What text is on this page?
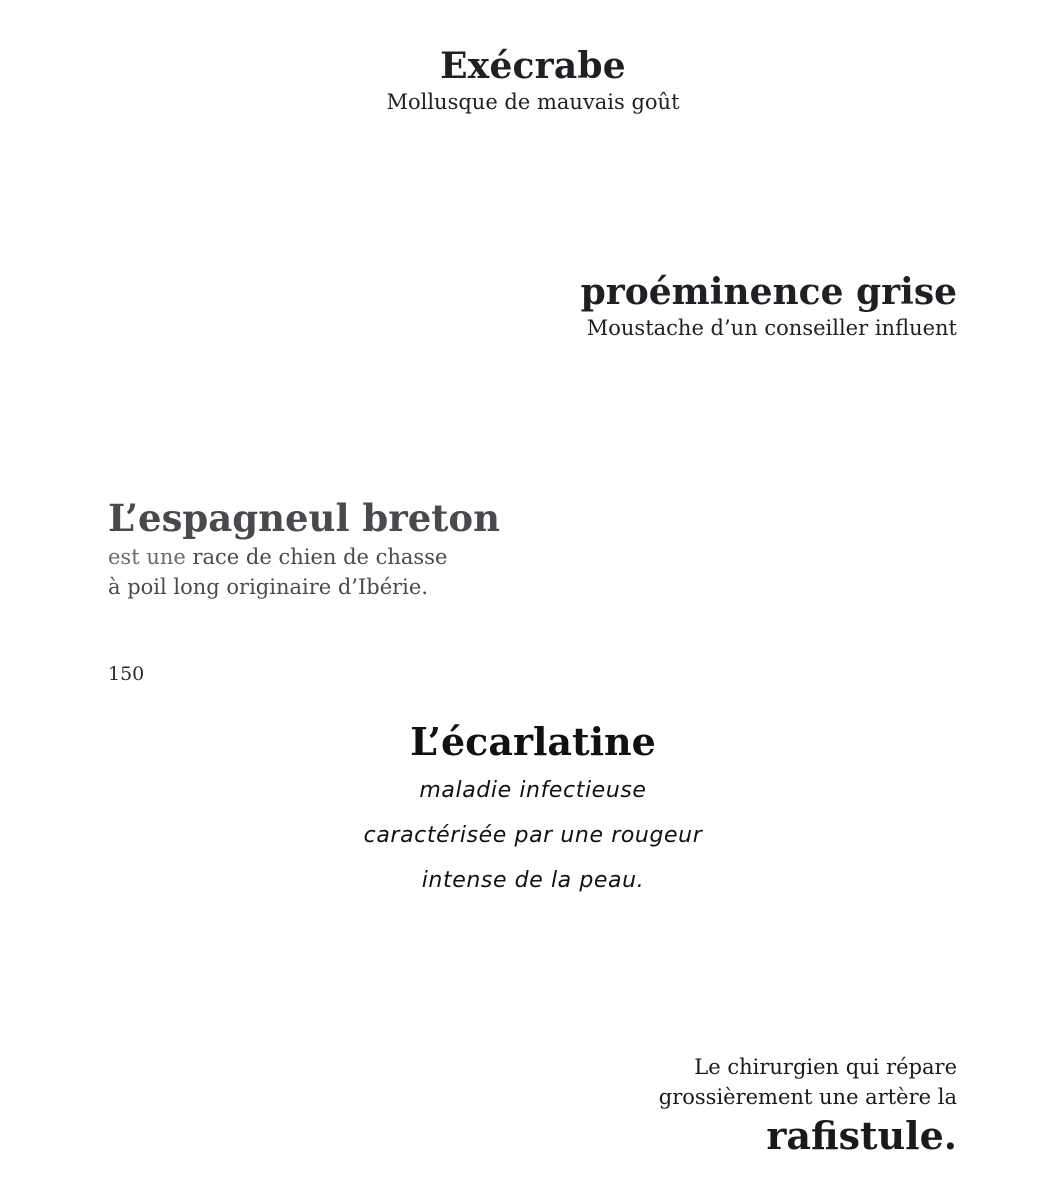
Exécrabe
Mollusque de mauvais goût
proéminence grise
Moustache d’un conseiller influent
L’espagneul breton
est une race de chien de chasse
à poil long originaire d’Ibérie.
150
L’écarlatine
maladie infectieuse
caractérisée par une rougeur
intense de la peau.
Le chirurgien qui répare
grossièrement une artère la
rafistule.
